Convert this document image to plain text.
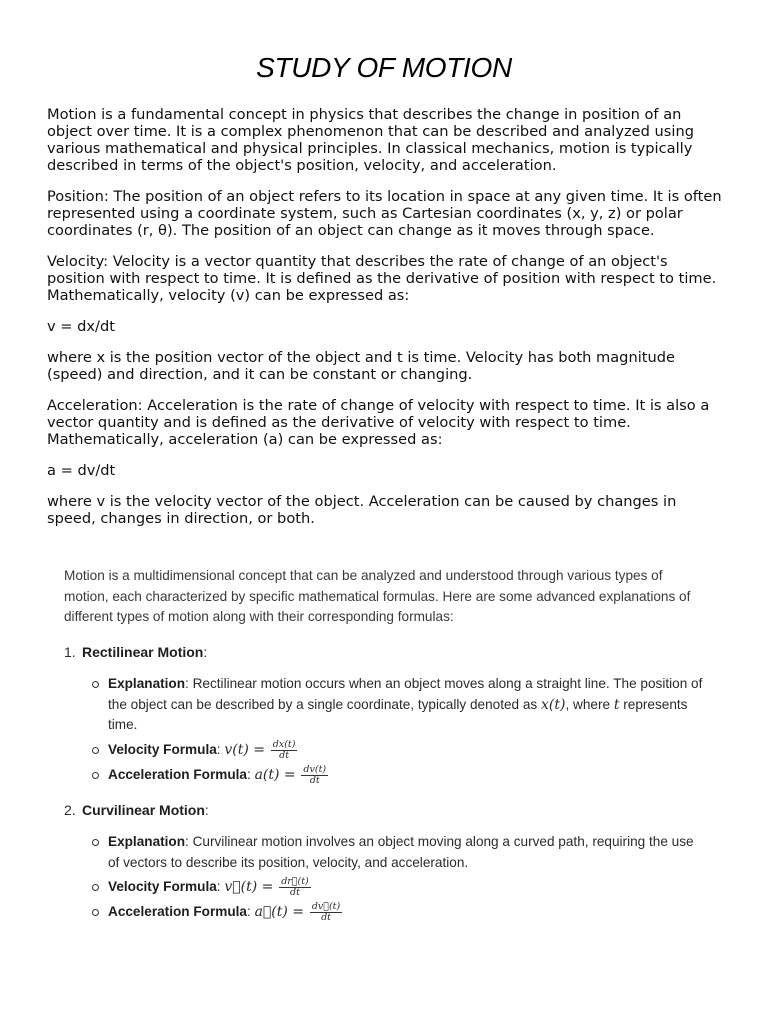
STUDY OF MOTION

Motion is a fundamental concept in physics that describes the change in position of an object over time. It is a complex phenomenon that can be described and analyzed using various mathematical and physical principles. In classical mechanics, motion is typically described in terms of the object's position, velocity, and acceleration.

Position: The position of an object refers to its location in space at any given time. It is often represented using a coordinate system, such as Cartesian coordinates (x, y, z) or polar coordinates (r, θ). The position of an object can change as it moves through space.

Velocity: Velocity is a vector quantity that describes the rate of change of an object's position with respect to time. It is defined as the derivative of position with respect to time. Mathematically, velocity (v) can be expressed as:

v = dx/dt

where x is the position vector of the object and t is time. Velocity has both magnitude (speed) and direction, and it can be constant or changing.

Acceleration: Acceleration is the rate of change of velocity with respect to time. It is also a vector quantity and is defined as the derivative of velocity with respect to time. Mathematically, acceleration (a) can be expressed as:

a = dv/dt

where v is the velocity vector of the object. Acceleration can be caused by changes in speed, changes in direction, or both.

Motion is a multidimensional concept that can be analyzed and understood through various types of motion, each characterized by specific mathematical formulas. Here are some advanced explanations of different types of motion along with their corresponding formulas:

1. Rectilinear Motion:
Explanation: Rectilinear motion occurs when an object moves along a straight line. The position of the object can be described by a single coordinate, typically denoted as x(t), where t represents time.
Velocity Formula: $v(t) = \frac{dx(t)}{dt}$
Acceleration Formula: $a(t) = \frac{dv(t)}{dt}$
2. Curvilinear Motion:
Explanation: Curvilinear motion involves an object moving along a curved path, requiring the use of vectors to describe its position, velocity, and acceleration.
Velocity Formula: v⃗(t) = $\frac{dr⃗(t)}{dt}$
Acceleration Formula: a⃗(t) = $\frac{dv⃗(t)}{dt}$
